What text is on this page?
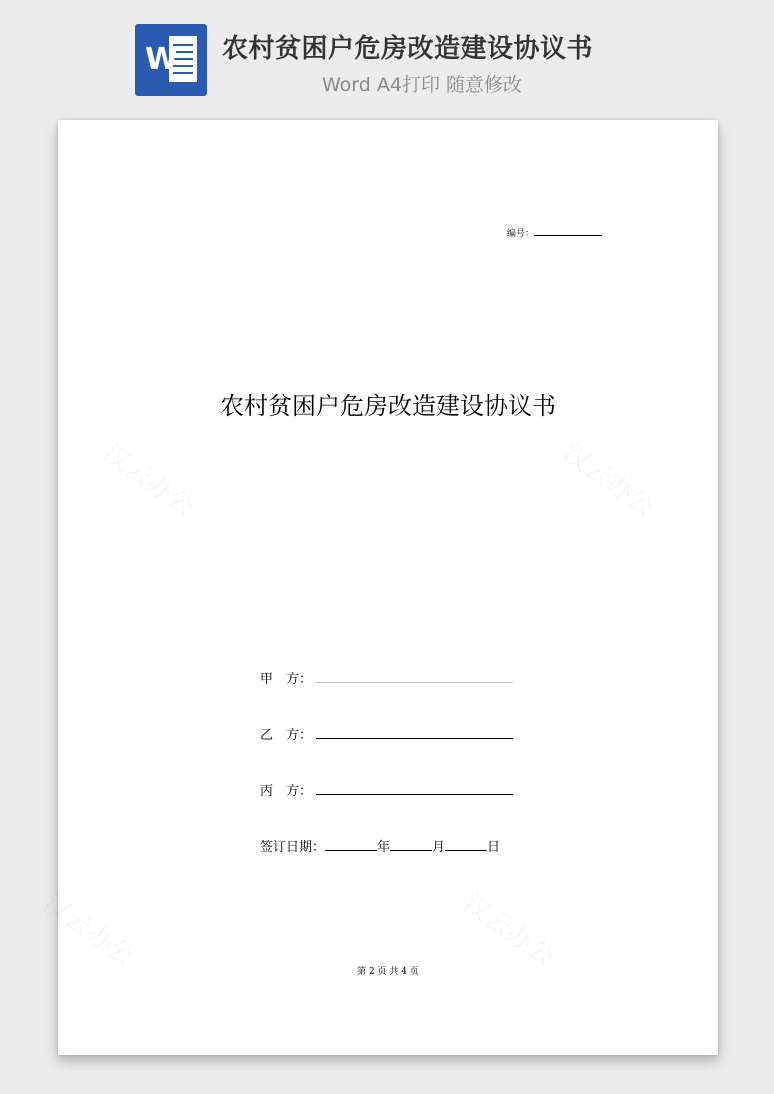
W 农村贫困户危房改造建设协议书
Word A4打印 随意修改
编号：
农村贫困户危房改造建设协议书
甲　方：
乙　方：
丙　方：
签订日期：	年	月	日
第 2 页 共 4 页
